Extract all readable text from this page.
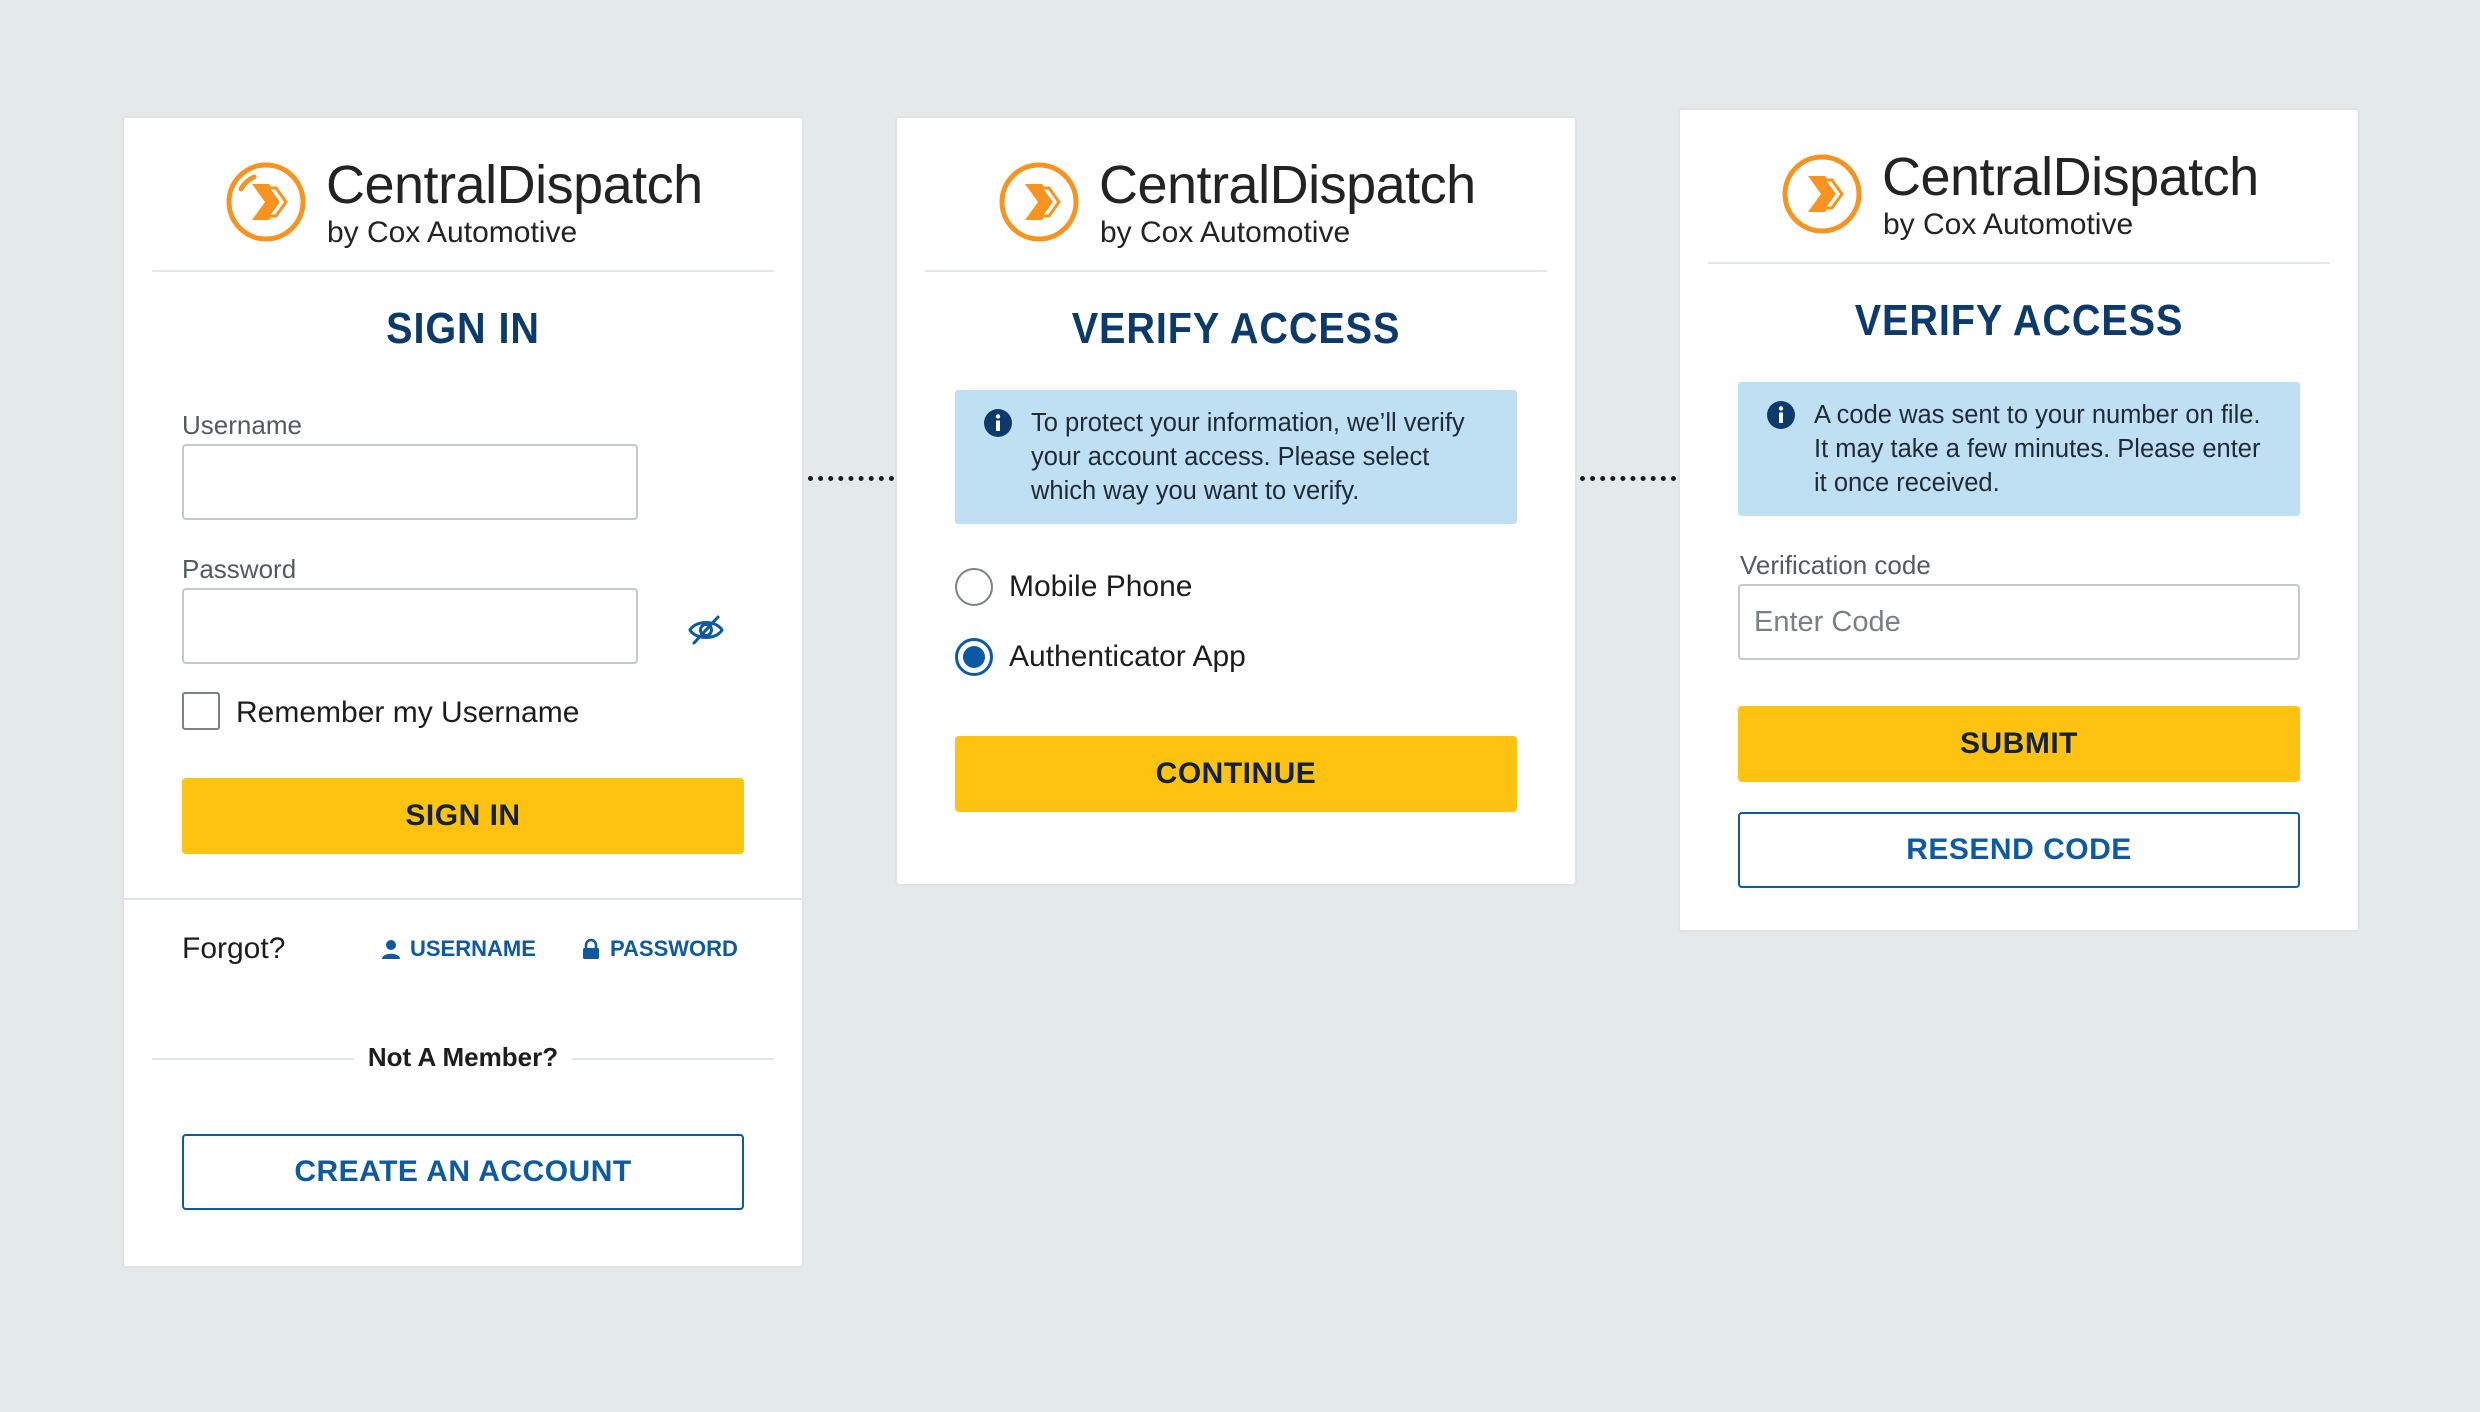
CentralDispatch
by Cox Automotive
SIGN IN
Username
Password
Remember my Username
SIGN IN
Forgot?	USERNAME	PASSWORD
Not A Member?
CREATE AN ACCOUNT
CentralDispatch
by Cox Automotive
VERIFY ACCESS
To protect your information, we’ll verify your account access. Please select which way you want to verify.
Mobile Phone
Authenticator App
CONTINUE
CentralDispatch
by Cox Automotive
VERIFY ACCESS
A code was sent to your number on file. It may take a few minutes. Please enter it once received.
Verification code
Enter Code
SUBMIT
RESEND CODE
